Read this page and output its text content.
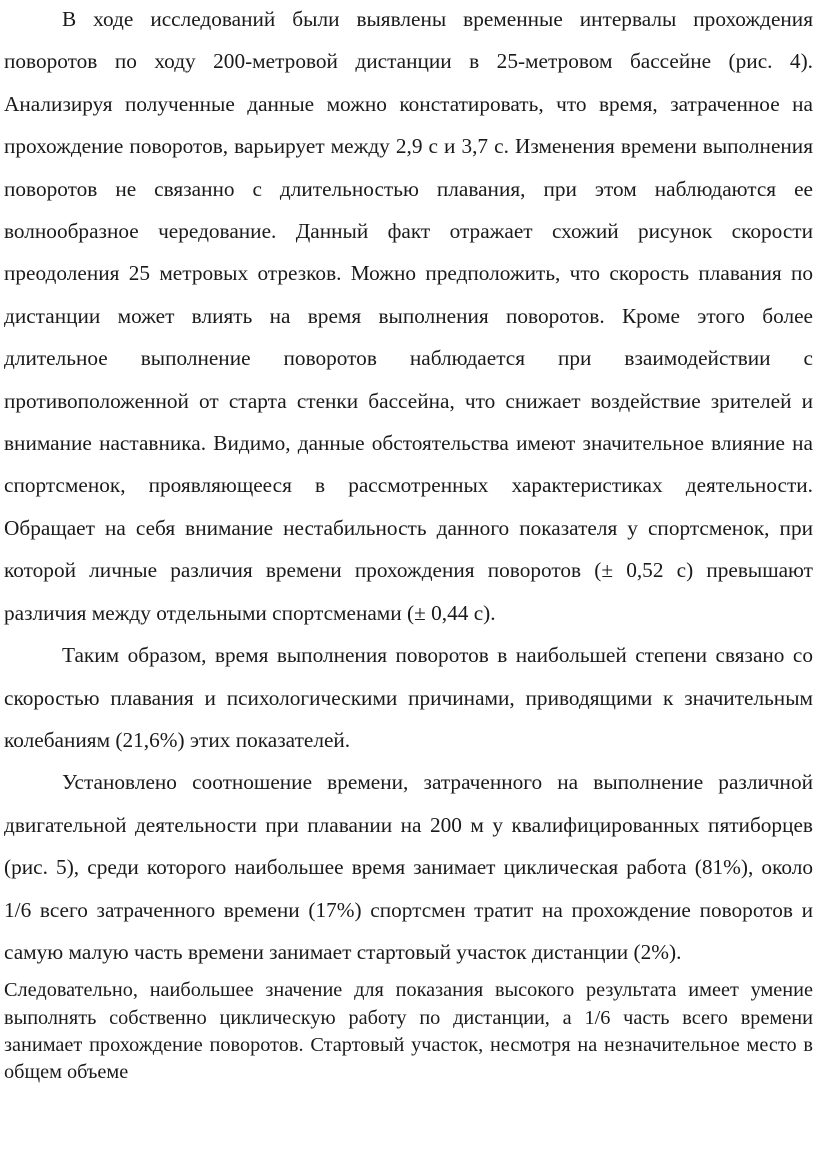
В ходе исследований были выявлены временные интервалы прохождения поворотов по ходу 200-метровой дистанции в 25-метровом бассейне (рис. 4). Анализируя полученные данные можно констатировать, что время, затраченное на прохождение поворотов, варьирует между 2,9 с и 3,7 с. Изменения времени выполнения поворотов не связанно с длительностью плавания, при этом наблюдаются ее волнообразное чередование. Данный факт отражает схожий рисунок скорости преодоления 25 метровых отрезков. Можно предположить, что скорость плавания по дистанции может влиять на время выполнения поворотов. Кроме этого более длительное выполнение поворотов наблюдается при взаимодействии с противоположенной от старта стенки бассейна, что снижает воздействие зрителей и внимание наставника. Видимо, данные обстоятельства имеют значительное влияние на спортсменок, проявляющееся в рассмотренных характеристиках деятельности. Обращает на себя внимание нестабильность данного показателя у спортсменок, при которой личные различия времени прохождения поворотов (± 0,52 с) превышают различия между отдельными спортсменами (± 0,44 с).

Таким образом, время выполнения поворотов в наибольшей степени связано со скоростью плавания и психологическими причинами, приводящими к значительным колебаниям (21,6%) этих показателей.

Установлено соотношение времени, затраченного на выполнение различной двигательной деятельности при плавании на 200 м у квалифицированных пятиборцев (рис. 5), среди которого наибольшее время занимает циклическая работа (81%), около 1/6 всего затраченного времени (17%) спортсмен тратит на прохождение поворотов и самую малую часть времени занимает стартовый участок дистанции (2%).

Следовательно, наибольшее значение для показания высокого результата имеет умение выполнять собственно циклическую работу по дистанции, а 1/6 часть всего времени занимает прохождение поворотов. Стартовый участок, несмотря на незначительное место в общем объеме
